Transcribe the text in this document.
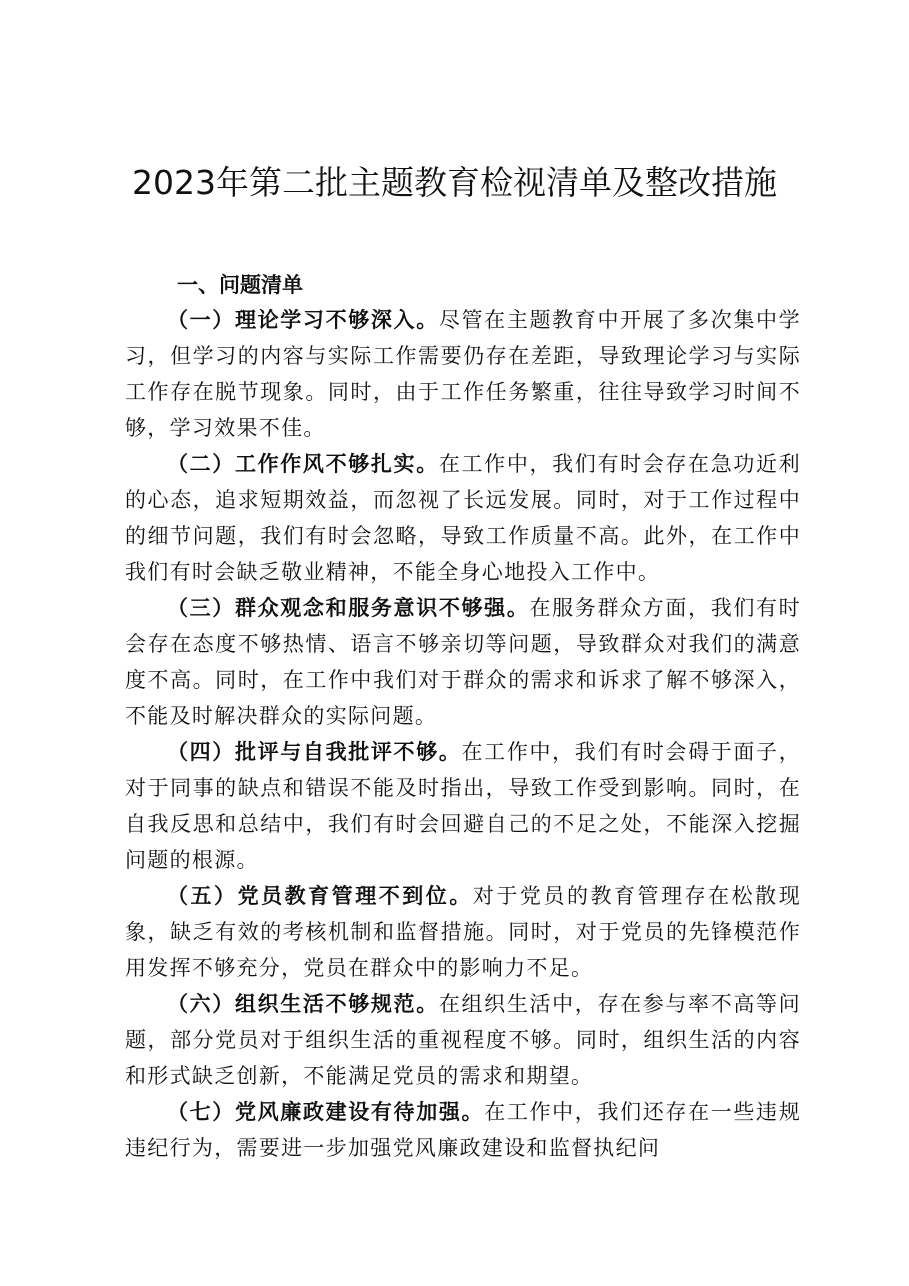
2023年第二批主题教育检视清单及整改措施
一、问题清单

（一）理论学习不够深入。尽管在主题教育中开展了多次集中学习，但学习的内容与实际工作需要仍存在差距，导致理论学习与实际工作存在脱节现象。同时，由于工作任务繁重，往往导致学习时间不够，学习效果不佳。

（二）工作作风不够扎实。在工作中，我们有时会存在急功近利的心态，追求短期效益，而忽视了长远发展。同时，对于工作过程中的细节问题，我们有时会忽略，导致工作质量不高。此外，在工作中我们有时会缺乏敬业精神，不能全身心地投入工作中。

（三）群众观念和服务意识不够强。在服务群众方面，我们有时会存在态度不够热情、语言不够亲切等问题，导致群众对我们的满意度不高。同时，在工作中我们对于群众的需求和诉求了解不够深入，不能及时解决群众的实际问题。

（四）批评与自我批评不够。在工作中，我们有时会碍于面子，对于同事的缺点和错误不能及时指出，导致工作受到影响。同时，在自我反思和总结中，我们有时会回避自己的不足之处，不能深入挖掘问题的根源。

（五）党员教育管理不到位。对于党员的教育管理存在松散现象，缺乏有效的考核机制和监督措施。同时，对于党员的先锋模范作用发挥不够充分，党员在群众中的影响力不足。

（六）组织生活不够规范。在组织生活中，存在参与率不高等问题，部分党员对于组织生活的重视程度不够。同时，组织生活的内容和形式缺乏创新，不能满足党员的需求和期望。

（七）党风廉政建设有待加强。在工作中，我们还存在一些违规违纪行为，需要进一步加强党风廉政建设和监督执纪问
